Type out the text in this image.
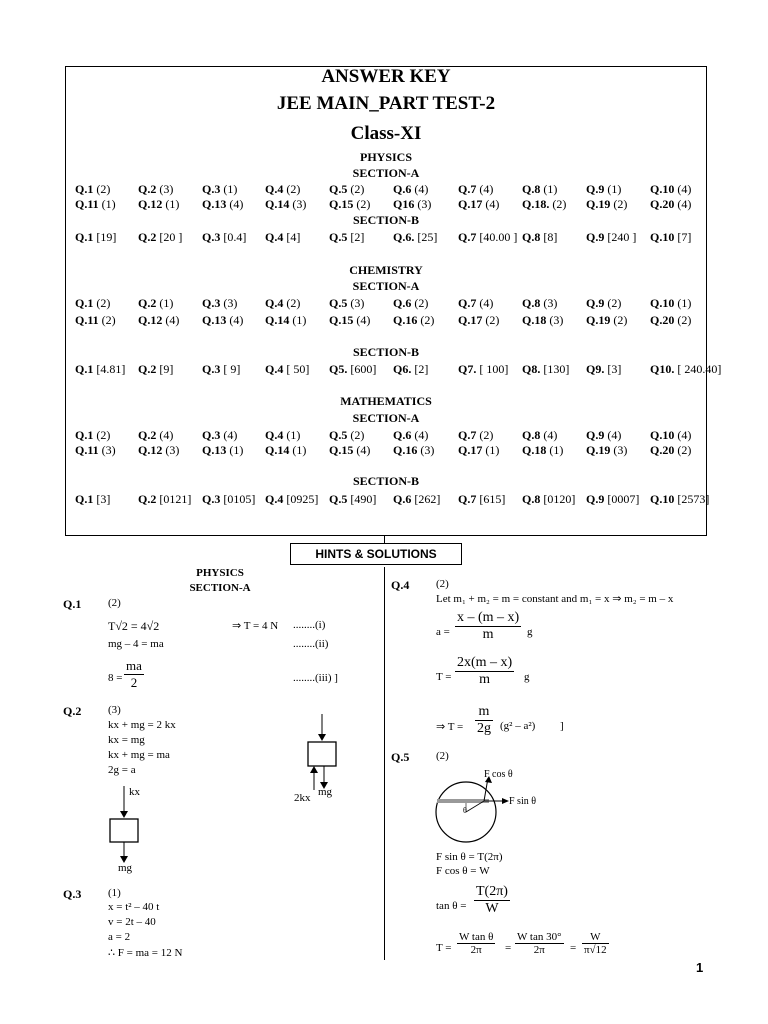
ANSWER KEY
JEE MAIN_PART TEST-2
Class-XI
PHYSICS
SECTION-A
Q.1 (2) Q.2 (3) Q.3 (1) Q.4 (2) Q.5 (2) Q.6 (4) Q.7 (4) Q.8 (1) Q.9 (1) Q.10 (4)
Q.11 (1) Q.12 (1) Q.13 (4) Q.14 (3) Q.15 (2) Q16 (3) Q.17 (4) Q.18. (2) Q.19 (2) Q.20 (4)
SECTION-B
Q.1 [19] Q.2 [20 ] Q.3 [0.4] Q.4 [4] Q.5 [2] Q.6. [25] Q.7 [40.00 ] Q.8 [8] Q.9 [240 ] Q.10 [7]
CHEMISTRY
SECTION-A
Q.1 (2) Q.2 (1) Q.3 (3) Q.4 (2) Q.5 (3) Q.6 (2) Q.7 (4) Q.8 (3) Q.9 (2) Q.10 (1)
Q.11 (2) Q.12 (4) Q.13 (4) Q.14 (1) Q.15 (4) Q.16 (2) Q.17 (2) Q.18 (3) Q.19 (2) Q.20 (2)
SECTION-B
Q.1 [4.81] Q.2 [9] Q.3 [ 9] Q.4 [ 50] Q5. [600] Q6. [2] Q7. [ 100] Q8. [130] Q9. [3] Q10. [ 240.40]
MATHEMATICS
SECTION-A
Q.1 (2) Q.2 (4) Q.3 (4) Q.4 (1) Q.5 (2) Q.6 (4) Q.7 (2) Q.8 (4) Q.9 (4) Q.10 (4)
Q.11 (3) Q.12 (3) Q.13 (1) Q.14 (1) Q.15 (4) Q.16 (3) Q.17 (1) Q.18 (1) Q.19 (3) Q.20 (2)
SECTION-B
Q.1 [3] Q.2 [0121] Q.3 [0105] Q.4 [0925] Q.5 [490] Q.6 [262] Q.7 [615] Q.8 [0120] Q.9 [0007] Q.10 [2573]
HINTS & SOLUTIONS
PHYSICS
SECTION-A
Q.1 (2)
T√2 = 4√2	⇒ T = 4 N ........(i)
mg – 4 = ma	........(ii)
$8 = \frac{ma}{2}$	........(iii) ]
Q.2 (3)
kx + mg = 2 kx
kx = mg
kx + mg = ma
2g = a
kx
mg
2kx mg
Q.3 (1)
x = t² – 40 t
v = 2t – 40
a = 2
∴ F = ma = 12 N
Q.4 (2)
Let m₁ + m₂ = m = constant and m₁ = x ⇒ m₂ = m – x
$a = \frac{x - (m - x)}{m}$ g
$T = \frac{2x(m - x)}{m}$ g
⇒ $T = \frac{m}{2g} (g^2 - a^2)$ ]
Q.5 (2)
F cos θ
F sin θ
θ
F sin θ = T(2π)
F cos θ = W
$\tan \theta = \frac{T(2\pi)}{W}$
$T = \frac{\text{W tan θ}}{2\pi} = \frac{\text{W tan 30°}}{2\pi} = \frac{W}{\pi√12}$
1
